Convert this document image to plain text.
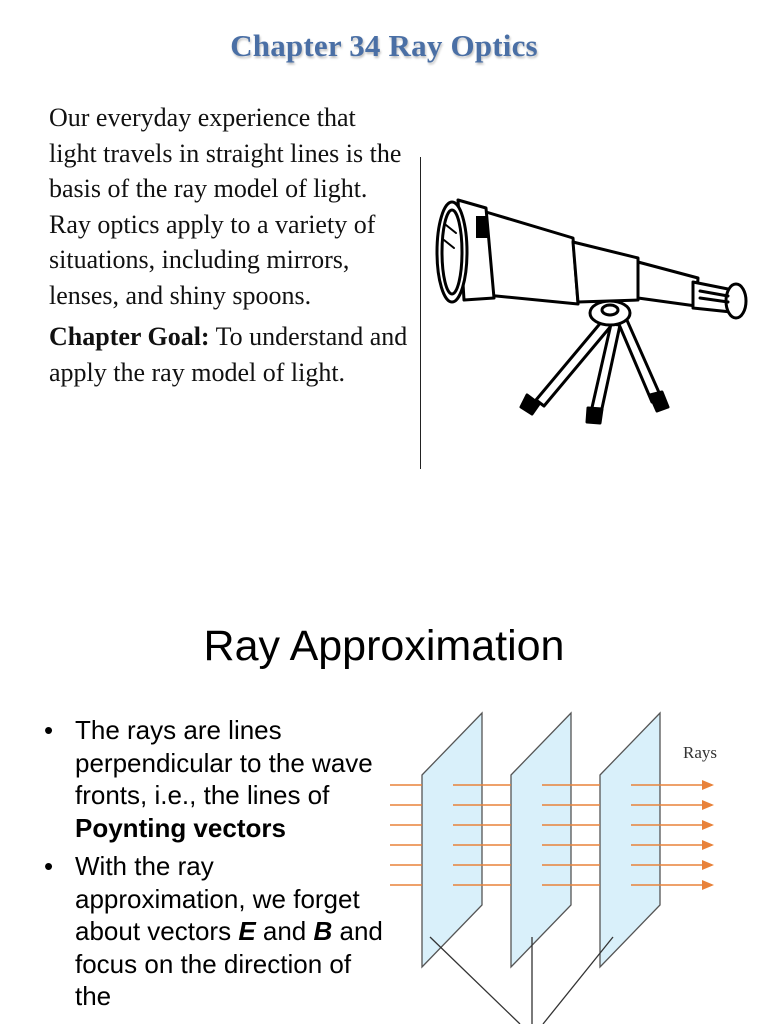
Chapter 34 Ray Optics

Our everyday experience that light travels in straight lines is the basis of the ray model of light. Ray optics apply to a variety of situations, including mirrors, lenses, and shiny spoons.

Chapter Goal: To understand and apply the ray model of light.

Ray Approximation
• The rays are lines perpendicular to the wave fronts, i.e., the lines of Poynting vectors
• With the ray approximation, we forget about vectors E and B and focus on the direction of the
Rays
